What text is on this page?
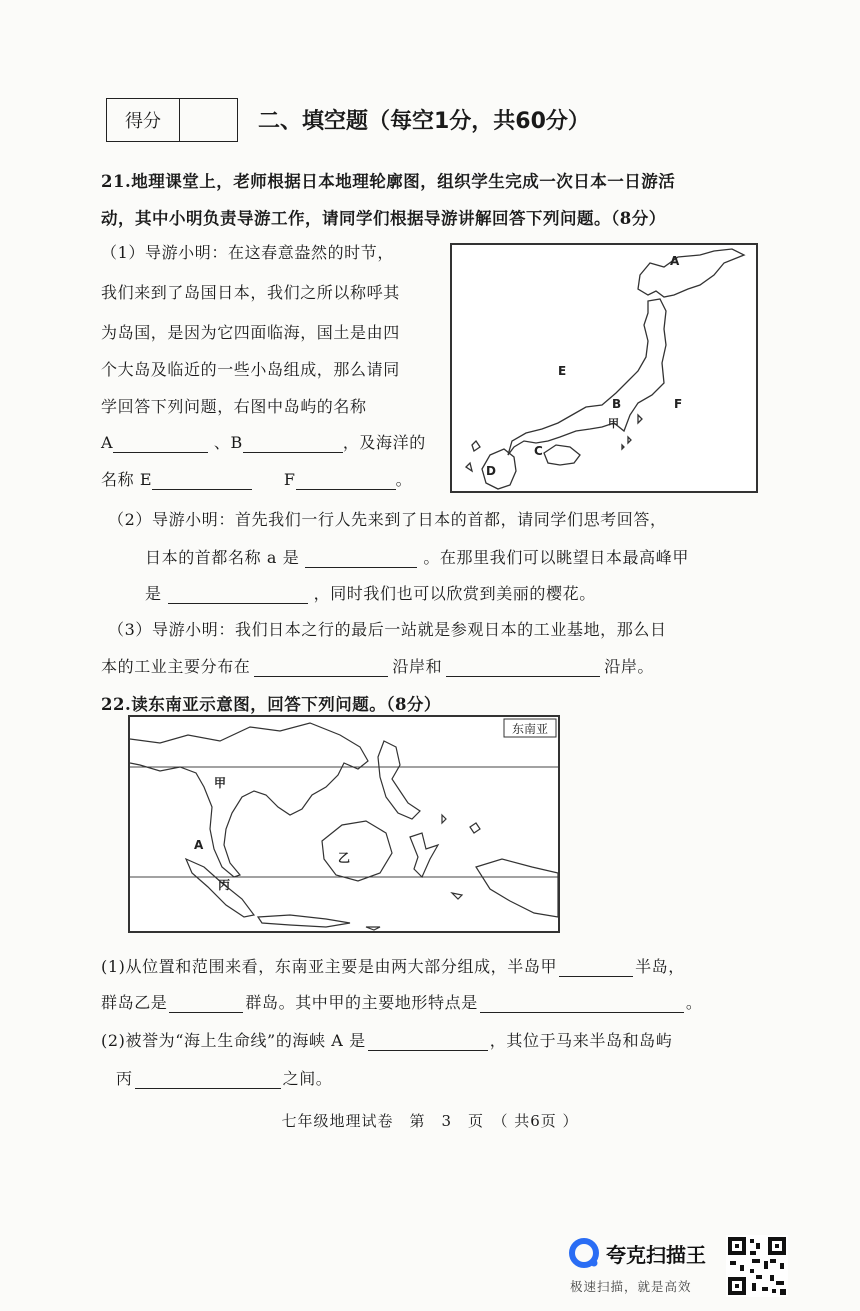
得分	二、填空题（每空1分，共60分）
21.地理课堂上，老师根据日本地理轮廓图，组织学生完成一次日本一日游活
动，其中小明负责导游工作，请同学们根据导游讲解回答下列问题。（8分）
（1）导游小明：在这春意盎然的时节，
我们来到了岛国日本，我们之所以称呼其
为岛国，是因为它四面临海，国土是由四
个大岛及临近的一些小岛组成，那么请同
学回答下列问题，右图中岛屿的名称
A	、B	，及海洋的
名称 E	F	。
A
E
B	F
甲
C
D
（2）导游小明：首先我们一行人先来到了日本的首都，请同学们思考回答，
日本的首都名称 a 是	。在那里我们可以眺望日本最高峰甲
是	，同时我们也可以欣赏到美丽的樱花。
（3）导游小明：我们日本之行的最后一站就是参观日本的工业基地，那么日
本的工业主要分布在	沿岸和	沿岸。
22.读东南亚示意图，回答下列问题。（8分）
东南亚
甲
A
乙
丙
(1)从位置和范围来看，东南亚主要是由两大部分组成，半岛甲	半岛，
群岛乙是	群岛。其中甲的主要地形特点是	。
(2)被誉为“海上生命线”的海峡 A 是	，其位于马来半岛和岛屿
丙	之间。
七年级地理试卷　第　3　页　（ 共6页 ）
夸克扫描王
极速扫描，就是高效
